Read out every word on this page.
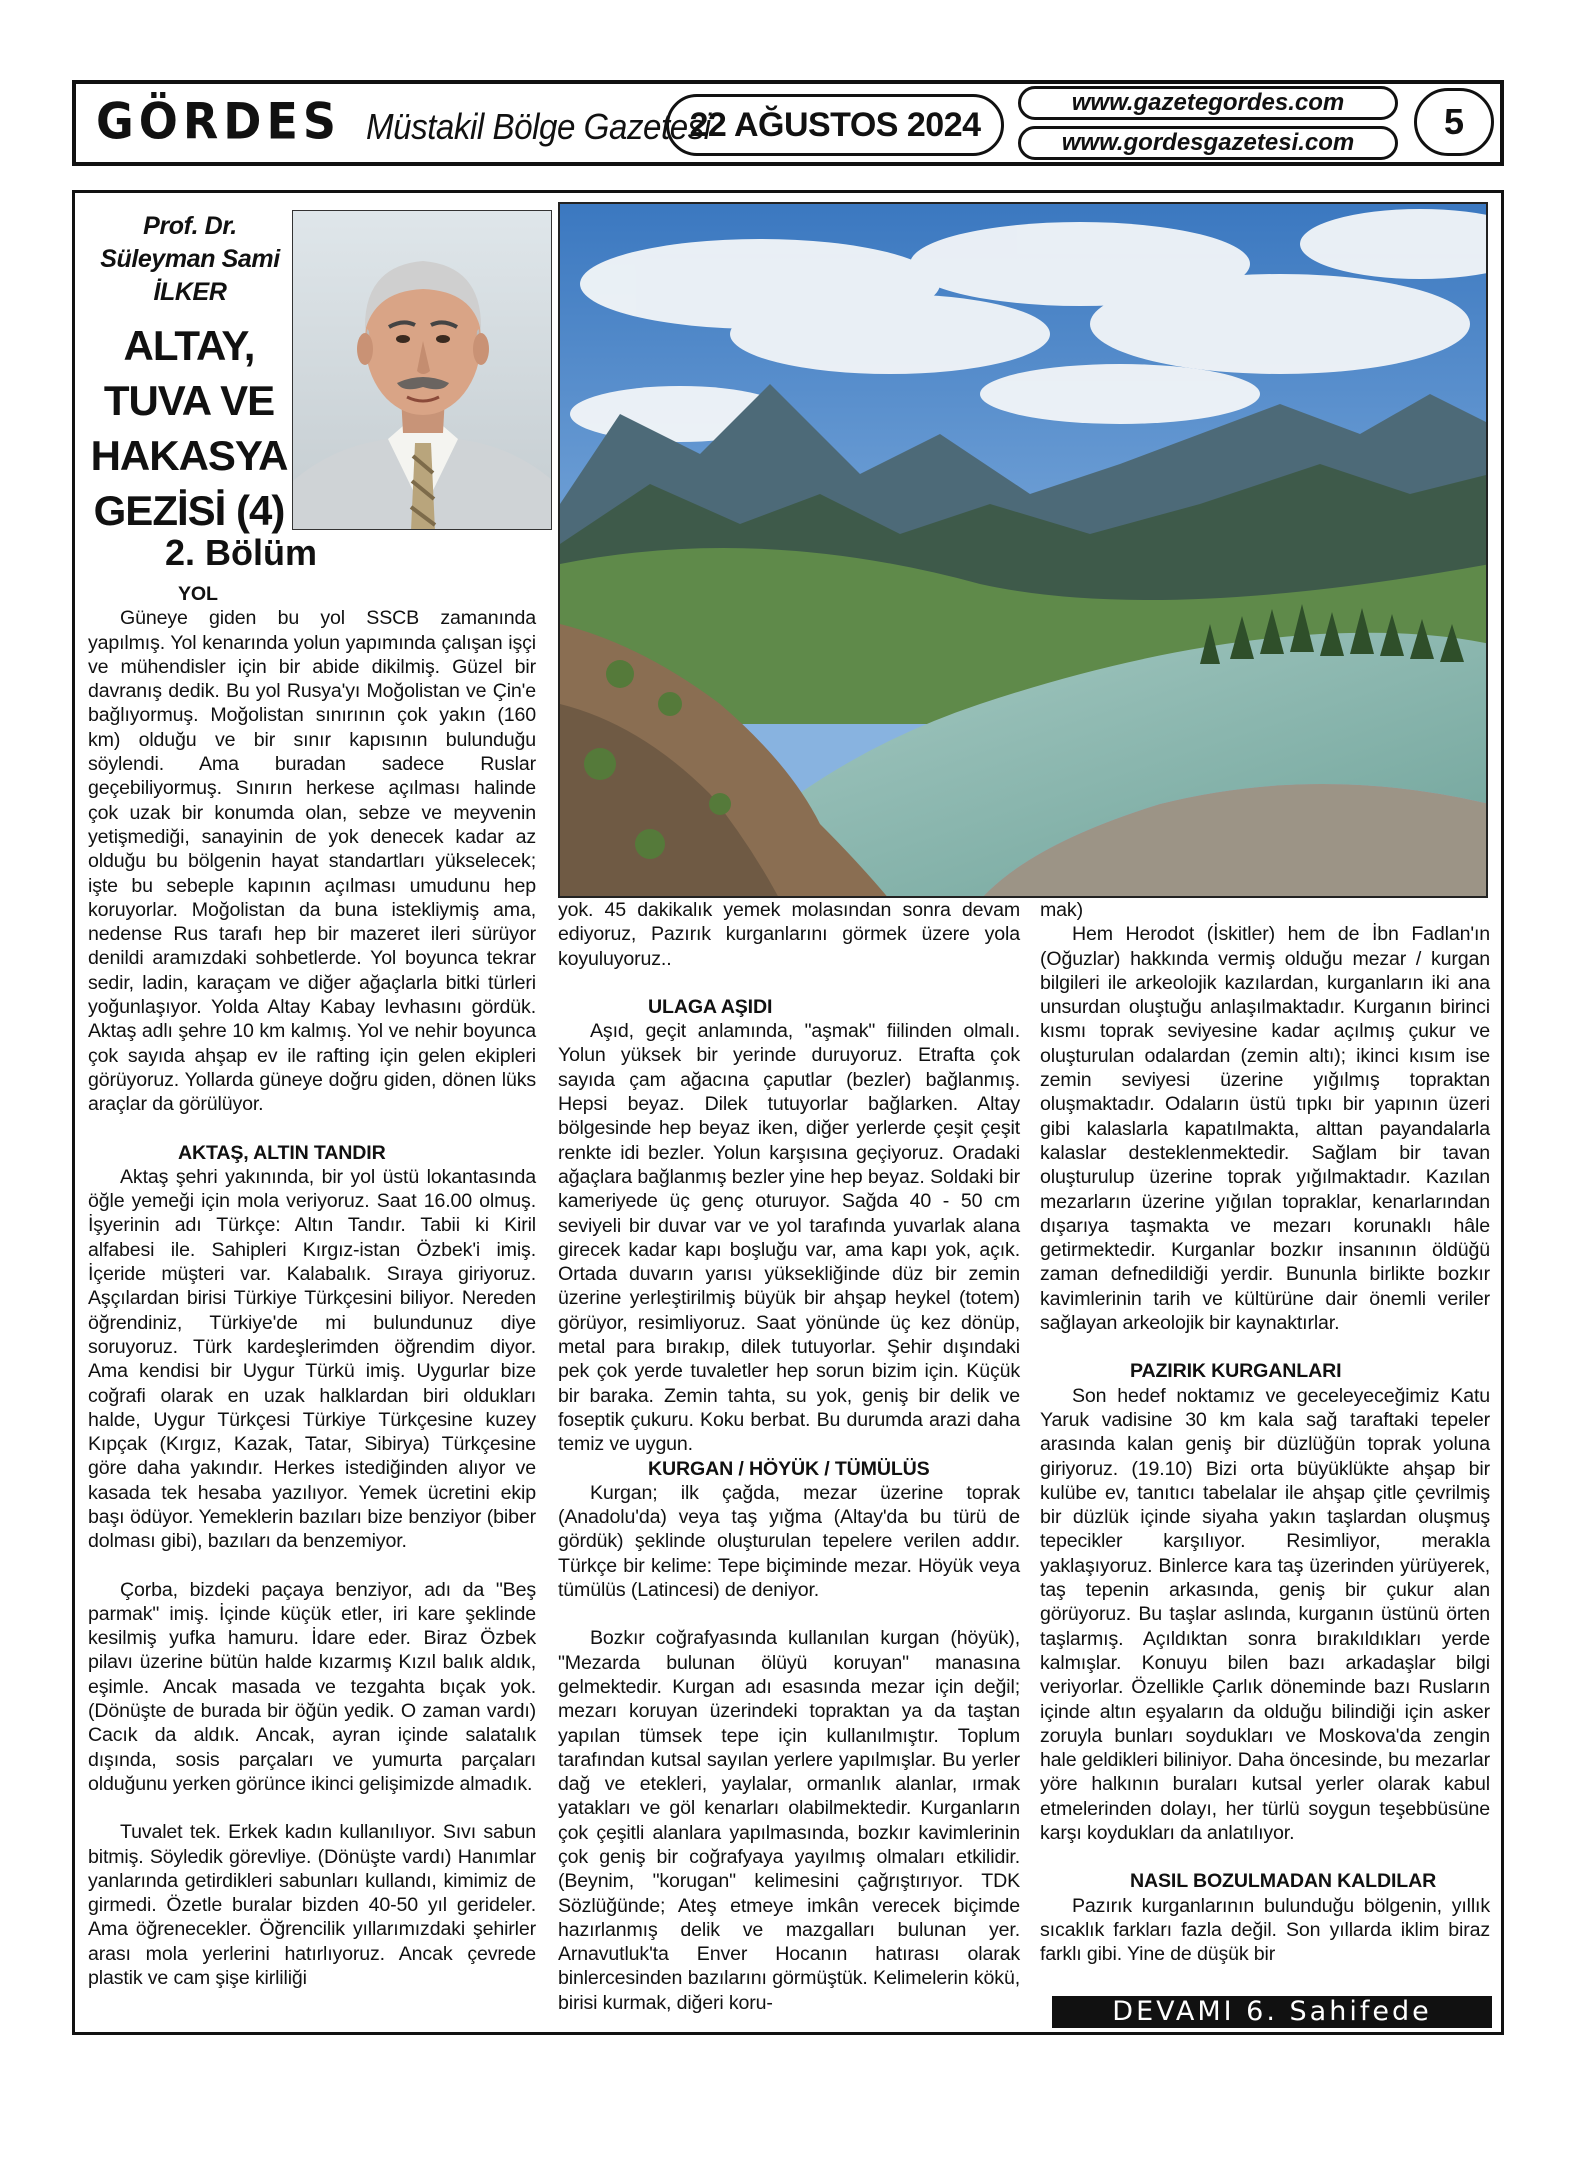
GÖRDES Müstakil Bölge Gazetesi
22 AĞUSTOS 2024
www.gazetegordes.com
www.gordesgazetesi.com
5
Prof. Dr.
Süleyman Sami
İLKER
ALTAY,
TUVA VE
HAKASYA
GEZİSİ (4)
2. Bölüm
YOL

Güneye giden bu yol SSCB zamanında yapılmış. Yol kenarında yolun yapımında çalışan işçi ve mühendisler için bir abide dikilmiş. Güzel bir davranış dedik. Bu yol Rusya'yı Moğolistan ve Çin'e bağlıyormuş. Moğolistan sınırının çok yakın (160 km) olduğu ve bir sınır kapısının bulunduğu söylendi. Ama buradan sadece Ruslar geçebiliyormuş. Sınırın herkese açılması halinde çok uzak bir konumda olan, sebze ve meyvenin yetişmediği, sanayinin de yok denecek kadar az olduğu bu bölgenin hayat standartları yükselecek; işte bu sebeple kapının açılması umudunu hep koruyorlar. Moğolistan da buna istekliymiş ama, nedense Rus tarafı hep bir mazeret ileri sürüyor denildi aramızdaki sohbetlerde. Yol boyunca tekrar sedir, ladin, karaçam ve diğer ağaçlarla bitki türleri yoğunlaşıyor. Yolda Altay Kabay levhasını gördük. Aktaş adlı şehre 10 km kalmış. Yol ve nehir boyunca çok sayıda ahşap ev ile rafting için gelen ekipleri görüyoruz. Yollarda güneye doğru giden, dönen lüks araçlar da görülüyor.

AKTAŞ, ALTIN TANDIR

Aktaş şehri yakınında, bir yol üstü lokantasında öğle yemeği için mola veriyoruz. Saat 16.00 olmuş. İşyerinin adı Türkçe: Altın Tandır. Tabii ki Kiril alfabesi ile. Sahipleri Kırgız-istan Özbek'i imiş. İçeride müşteri var. Kalabalık. Sıraya giriyoruz. Aşçılardan birisi Türkiye Türkçesini biliyor. Nereden öğrendiniz, Türkiye'de mi bulundunuz diye soruyoruz. Türk kardeşlerimden öğrendim diyor. Ama kendisi bir Uygur Türkü imiş. Uygurlar bize coğrafi olarak en uzak halklardan biri oldukları halde, Uygur Türkçesi Türkiye Türkçesine kuzey Kıpçak (Kırgız, Kazak, Tatar, Sibirya) Türkçesine göre daha yakındır. Herkes istediğinden alıyor ve kasada tek hesaba yazılıyor. Yemek ücretini ekip başı ödüyor. Yemeklerin bazıları bize benziyor (biber dolması gibi), bazıları da benzemiyor.

Çorba, bizdeki paçaya benziyor, adı da "Beş parmak" imiş. İçinde küçük etler, iri kare şeklinde kesilmiş yufka hamuru. İdare eder. Biraz Özbek pilavı üzerine bütün halde kızarmış Kızıl balık aldık, eşimle. Ancak masada ve tezgahta bıçak yok. (Dönüşte de burada bir öğün yedik. O zaman vardı) Cacık da aldık. Ancak, ayran içinde salatalık dışında, sosis parçaları ve yumurta parçaları olduğunu yerken görünce ikinci gelişimizde almadık.

Tuvalet tek. Erkek kadın kullanılıyor. Sıvı sabun bitmiş. Söyledik görevliye. (Dönüşte vardı) Hanımlar yanlarında getirdikleri sabunları kullandı, kimimiz de girmedi. Özetle buralar bizden 40-50 yıl gerideler. Ama öğrenecekler. Öğrencilik yıllarımızdaki şehirler arası mola yerlerini hatırlıyoruz. Ancak çevrede plastik ve cam şişe kirliliği

yok. 45 dakikalık yemek molasından sonra devam ediyoruz, Pazırık kurganlarını görmek üzere yola koyuluyoruz..

ULAGA AŞIDI

Aşıd, geçit anlamında, "aşmak" fiilinden olmalı. Yolun yüksek bir yerinde duruyoruz. Etrafta çok sayıda çam ağacına çaputlar (bezler) bağlanmış. Hepsi beyaz. Dilek tutuyorlar bağlarken. Altay bölgesinde hep beyaz iken, diğer yerlerde çeşit çeşit renkte idi bezler. Yolun karşısına geçiyoruz. Oradaki ağaçlara bağlanmış bezler yine hep beyaz. Soldaki bir kameriyede üç genç oturuyor. Sağda 40 - 50 cm seviyeli bir duvar var ve yol tarafında yuvarlak alana girecek kadar kapı boşluğu var, ama kapı yok, açık. Ortada duvarın yarısı yüksekliğinde düz bir zemin üzerine yerleştirilmiş büyük bir ahşap heykel (totem) görüyor, resimliyoruz. Saat yönünde üç kez dönüp, metal para bırakıp, dilek tutuyorlar. Şehir dışındaki pek çok yerde tuvaletler hep sorun bizim için. Küçük bir baraka. Zemin tahta, su yok, geniş bir delik ve foseptik çukuru. Koku berbat. Bu durumda arazi daha temiz ve uygun.

KURGAN / HÖYÜK / TÜMÜLÜS

Kurgan; ilk çağda, mezar üzerine toprak (Anadolu'da) veya taş yığma (Altay'da bu türü de gördük) şeklinde oluşturulan tepelere verilen addır. Türkçe bir kelime: Tepe biçiminde mezar. Höyük veya tümülüs (Latincesi) de deniyor.

Bozkır coğrafyasında kullanılan kurgan (höyük), "Mezarda bulunan ölüyü koruyan" manasına gelmektedir. Kurgan adı esasında mezar için değil; mezarı koruyan üzerindeki topraktan ya da taştan yapılan tümsek tepe için kullanılmıştır. Toplum tarafından kutsal sayılan yerlere yapılmışlar. Bu yerler dağ ve etekleri, yaylalar, ormanlık alanlar, ırmak yatakları ve göl kenarları olabilmektedir. Kurganların çok çeşitli alanlara yapılmasında, bozkır kavimlerinin çok geniş bir coğrafyaya yayılmış olmaları etkilidir. (Beynim, "korugan" kelimesini çağrıştırıyor. TDK Sözlüğünde; Ateş etmeye imkân verecek biçimde hazırlanmış delik ve mazgalları bulunan yer. Arnavutluk'ta Enver Hocanın hatırası olarak binlercesinden bazılarını görmüştük. Kelimelerin kökü, birisi kurmak, diğeri koru-

mak)

Hem Herodot (İskitler) hem de İbn Fadlan'ın (Oğuzlar) hakkında vermiş olduğu mezar / kurgan bilgileri ile arkeolojik kazılardan, kurganların iki ana unsurdan oluştuğu anlaşılmaktadır. Kurganın birinci kısmı toprak seviyesine kadar açılmış çukur ve oluşturulan odalardan (zemin altı); ikinci kısım ise zemin seviyesi üzerine yığılmış topraktan oluşmaktadır. Odaların üstü tıpkı bir yapının üzeri gibi kalaslarla kapatılmakta, alttan payandalarla kalaslar desteklenmektedir. Sağlam bir tavan oluşturulup üzerine toprak yığılmaktadır. Kazılan mezarların üzerine yığılan topraklar, kenarlarından dışarıya taşmakta ve mezarı korunaklı hâle getirmektedir. Kurganlar bozkır insanının öldüğü zaman defnedildiği yerdir. Bununla birlikte bozkır kavimlerinin tarih ve kültürüne dair önemli veriler sağlayan arkeolojik bir kaynaktırlar.

PAZIRIK KURGANLARI

Son hedef noktamız ve geceleyeceğimiz Katu Yaruk vadisine 30 km kala sağ taraftaki tepeler arasında kalan geniş bir düzlüğün toprak yoluna giriyoruz. (19.10) Bizi orta büyüklükte ahşap bir kulübe ev, tanıtıcı tabelalar ile ahşap çitle çevrilmiş bir düzlük içinde siyaha yakın taşlardan oluşmuş tepecikler karşılıyor. Resimliyor, merakla yaklaşıyoruz. Binlerce kara taş üzerinden yürüyerek, taş tepenin arkasında, geniş bir çukur alan görüyoruz. Bu taşlar aslında, kurganın üstünü örten taşlarmış. Açıldıktan sonra bırakıldıkları yerde kalmışlar. Konuyu bilen bazı arkadaşlar bilgi veriyorlar. Özellikle Çarlık döneminde bazı Rusların içinde altın eşyaların da olduğu bilindiği için asker zoruyla bunları soydukları ve Moskova'da zengin hale geldikleri biliniyor. Daha öncesinde, bu mezarlar yöre halkının buraları kutsal yerler olarak kabul etmelerinden dolayı, her türlü soygun teşebbüsüne karşı koydukları da anlatılıyor.

NASIL BOZULMADAN KALDILAR

Pazırık kurganlarının bulunduğu bölgenin, yıllık sıcaklık farkları fazla değil. Son yıllarda iklim biraz farklı gibi. Yine de düşük bir

DEVAMI 6. Sahifede
